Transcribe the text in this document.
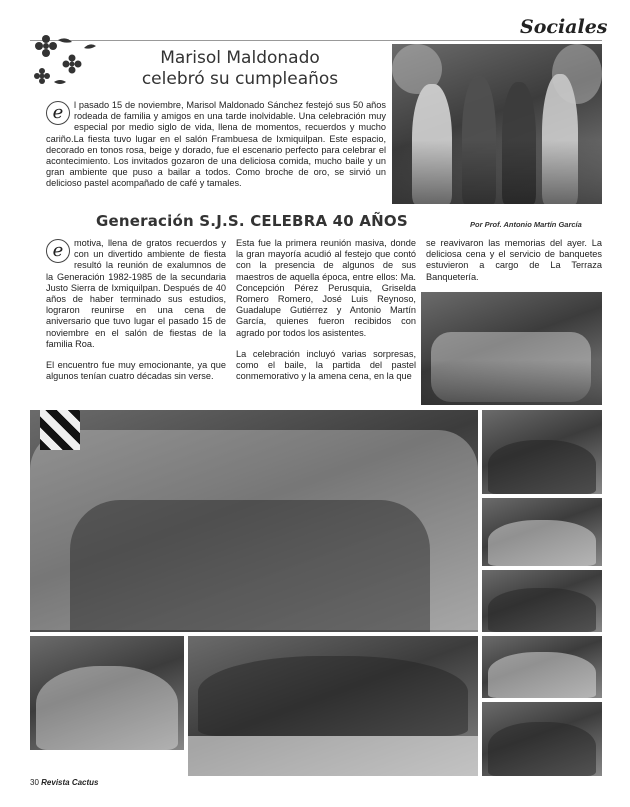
Sociales
Marisol Maldonado
celebró su cumpleaños
e	l pasado 15 de noviembre, Marisol Maldonado Sánchez festejó sus 50 años rodeada de familia y amigos en una tarde inolvidable. Una celebración muy especial por medio siglo de vida, llena de momentos, recuerdos y mucho cariño.La fiesta tuvo lugar en el salón Frambuesa de Ixmiquilpan. Este espacio, decorado en tonos rosa, beige y dorado, fue el escenario perfecto para celebrar el acontecimiento. Los invitados gozaron de una deliciosa comida, mucho baile y un gran ambiente que puso a bailar a todos. Como broche de oro, se sirvió un delicioso pastel acompañado de café y tamales.
Generación S.J.S. CELEBRA 40 AÑOS	Por Prof. Antonio Martín García
e	motiva, llena de gratos recuerdos y con un divertido ambiente de fiesta resultó la reunión de exalumnos de la Generación 1982-1985 de la secundaria Justo Sierra de Ixmiquilpan. Después de 40 años de haber terminado sus estudios, lograron reunirse en una cena de aniversario que tuvo lugar el pasado 15 de noviembre en el salón de fiestas de la familia Roa.

El encuentro fue muy emocionante, ya que algunos tenían cuatro décadas sin verse.

Esta fue la primera reunión masiva, donde la gran mayoría acudió al festejo que contó con la presencia de algunos de sus maestros de aquella época, entre ellos: Ma. Concepción Pérez Perusquia, Griselda Romero Romero, José Luis Reynoso, Guadalupe Gutiérrez y Antonio Martín García, quienes fueron recibidos con agrado por todos los asistentes.

La celebración incluyó varias sorpresas, como el baile, la partida del pastel conmemorativo y la amena cena, en la que

se reavivaron las memorias del ayer. La deliciosa cena y el servicio de banquetes estuvieron a cargo de La Terraza Banquetería.

30 Revista Cactus
